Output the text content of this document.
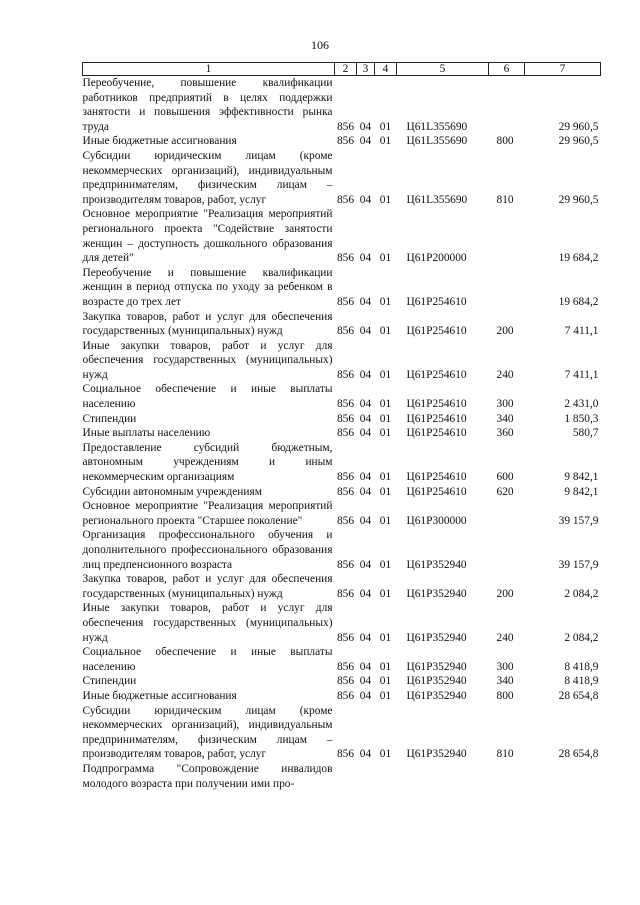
106
1	2	3	4	5	6	7
Переобучение, повышение квалификации работников предприятий в целях поддержки занятости и повышения эффективности рынка труда	856	04	01	Ц61L355690		29 960,5
Иные бюджетные ассигнования	856	04	01	Ц61L355690	800	29 960,5
Субсидии юридическим лицам (кроме некоммерческих организаций), индивидуальным предпринимателям, физическим лицам – производителям товаров, работ, услуг	856	04	01	Ц61L355690	810	29 960,5
Основное мероприятие "Реализация мероприятий регионального проекта "Содействие занятости женщин – доступность дошкольного образования для детей"	856	04	01	Ц61Р200000		19 684,2
Переобучение и повышение квалификации женщин в период отпуска по уходу за ребенком в возрасте до трех лет	856	04	01	Ц61Р254610		19 684,2
Закупка товаров, работ и услуг для обеспечения государственных (муниципальных) нужд	856	04	01	Ц61Р254610	200	7 411,1
Иные закупки товаров, работ и услуг для обеспечения государственных (муниципальных) нужд	856	04	01	Ц61Р254610	240	7 411,1
Социальное обеспечение и иные выплаты населению	856	04	01	Ц61Р254610	300	2 431,0
Стипендии	856	04	01	Ц61Р254610	340	1 850,3
Иные выплаты населению	856	04	01	Ц61Р254610	360	580,7
Предоставление субсидий бюджетным, автономным учреждениям и иным некоммерческим организациям	856	04	01	Ц61Р254610	600	9 842,1
Субсидии автономным учреждениям	856	04	01	Ц61Р254610	620	9 842,1
Основное мероприятие "Реализация мероприятий регионального проекта "Старшее поколение"	856	04	01	Ц61Р300000		39 157,9
Организация профессионального обучения и дополнительного профессионального образования лиц предпенсионного возраста	856	04	01	Ц61Р352940		39 157,9
Закупка товаров, работ и услуг для обеспечения государственных (муниципальных) нужд	856	04	01	Ц61Р352940	200	2 084,2
Иные закупки товаров, работ и услуг для обеспечения государственных (муниципальных) нужд	856	04	01	Ц61Р352940	240	2 084,2
Социальное обеспечение и иные выплаты населению	856	04	01	Ц61Р352940	300	8 418,9
Стипендии	856	04	01	Ц61Р352940	340	8 418,9
Иные бюджетные ассигнования	856	04	01	Ц61Р352940	800	28 654,8
Субсидии юридическим лицам (кроме некоммерческих организаций), индивидуальным предпринимателям, физическим лицам – производителям товаров, работ, услуг	856	04	01	Ц61Р352940	810	28 654,8
Подпрограмма "Сопровождение инвалидов молодого возраста при получении ими про-						
